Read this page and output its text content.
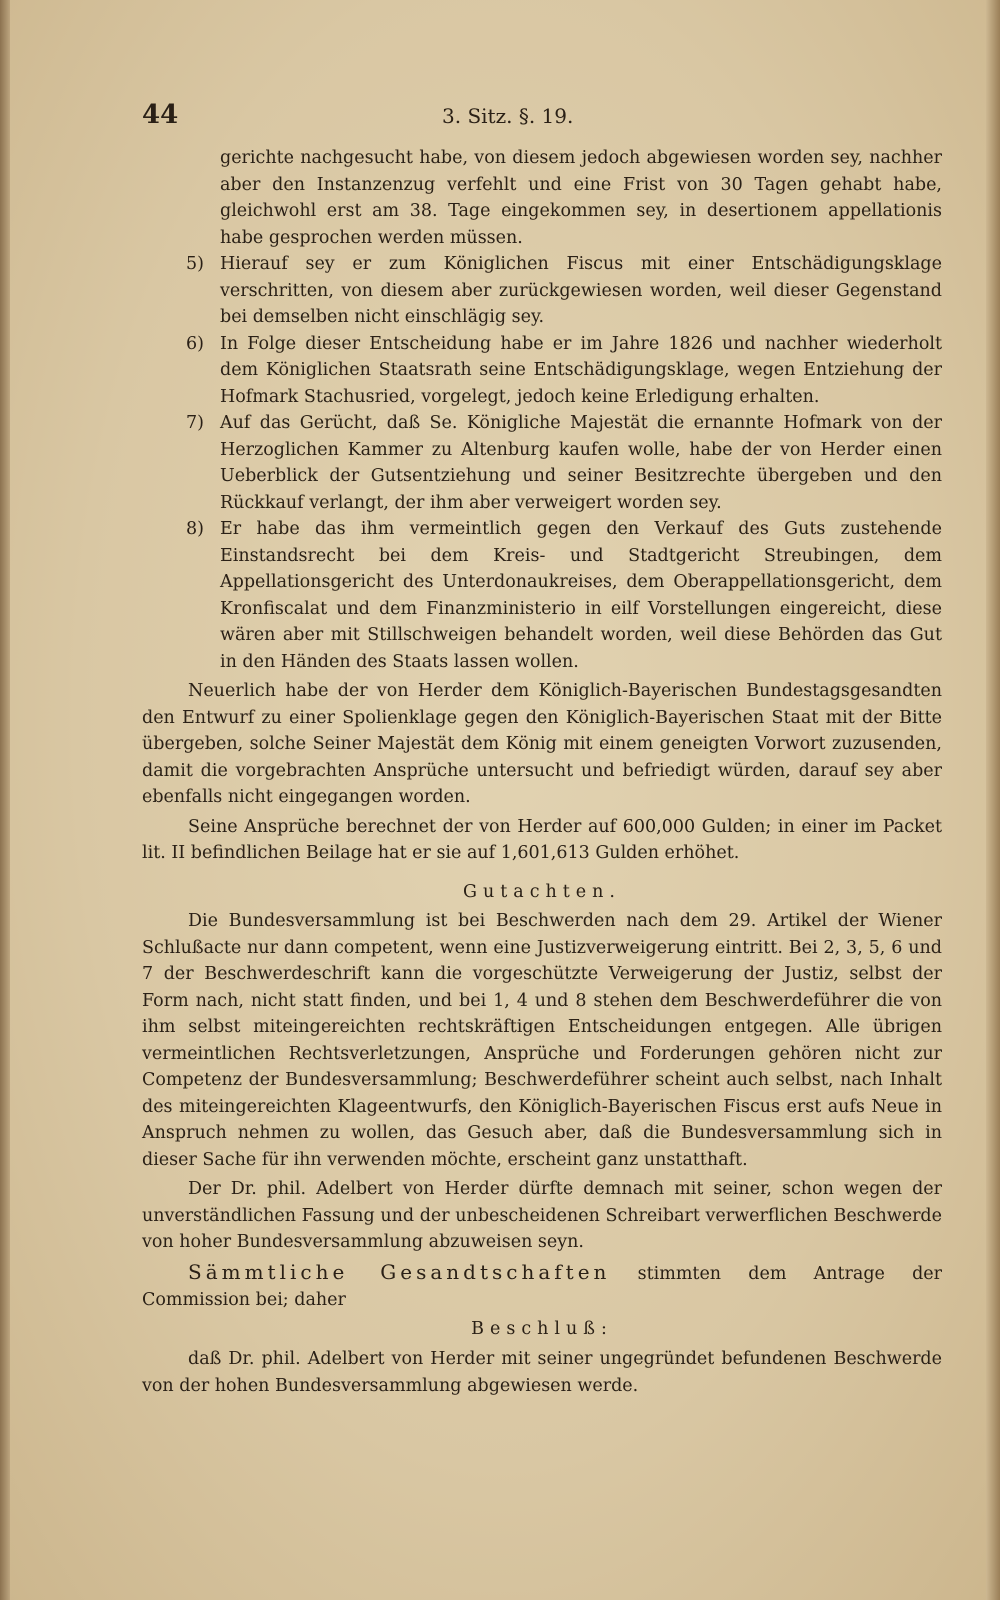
44	3. Sitz. §. 19.

gerichte nachgesucht habe, von diesem jedoch abgewiesen worden sey, nachher aber den Instanzenzug verfehlt und eine Frist von 30 Tagen gehabt habe, gleichwohl erst am 38. Tage eingekommen sey, in desertionem appellationis habe gesprochen werden müssen.

5) Hierauf sey er zum Königlichen Fiscus mit einer Entschädigungsklage verschritten, von diesem aber zurückgewiesen worden, weil dieser Gegenstand bei demselben nicht einschlägig sey.

6) In Folge dieser Entscheidung habe er im Jahre 1826 und nachher wiederholt dem Königlichen Staatsrath seine Entschädigungsklage, wegen Entziehung der Hofmark Stachusried, vorgelegt, jedoch keine Erledigung erhalten.

7) Auf das Gerücht, daß Se. Königliche Majestät die ernannte Hofmark von der Herzoglichen Kammer zu Altenburg kaufen wolle, habe der von Herder einen Ueberblick der Gutsentziehung und seiner Besitzrechte übergeben und den Rückkauf verlangt, der ihm aber verweigert worden sey.

8) Er habe das ihm vermeintlich gegen den Verkauf des Guts zustehende Einstandsrecht bei dem Kreis- und Stadtgericht Streubingen, dem Appellationsgericht des Unterdonaukreises, dem Oberappellationsgericht, dem Kronfiscalat und dem Finanzministerio in eilf Vorstellungen eingereicht, diese wären aber mit Stillschweigen behandelt worden, weil diese Behörden das Gut in den Händen des Staats lassen wollen.

Neuerlich habe der von Herder dem Königlich-Bayerischen Bundestagsgesandten den Entwurf zu einer Spolienklage gegen den Königlich-Bayerischen Staat mit der Bitte übergeben, solche Seiner Majestät dem König mit einem geneigten Vorwort zuzusenden, damit die vorgebrachten Ansprüche untersucht und befriedigt würden, darauf sey aber ebenfalls nicht eingegangen worden.

Seine Ansprüche berechnet der von Herder auf 600,000 Gulden; in einer im Packet lit. II befindlichen Beilage hat er sie auf 1,601,613 Gulden erhöhet.

Gutachten.

Die Bundesversammlung ist bei Beschwerden nach dem 29. Artikel der Wiener Schlußacte nur dann competent, wenn eine Justizverweigerung eintritt. Bei 2, 3, 5, 6 und 7 der Beschwerdeschrift kann die vorgeschützte Verweigerung der Justiz, selbst der Form nach, nicht statt finden, und bei 1, 4 und 8 stehen dem Beschwerdeführer die von ihm selbst miteingereichten rechtskräftigen Entscheidungen entgegen. Alle übrigen vermeintlichen Rechtsverletzungen, Ansprüche und Forderungen gehören nicht zur Competenz der Bundesversammlung; Beschwerdeführer scheint auch selbst, nach Inhalt des miteingereichten Klageentwurfs, den Königlich-Bayerischen Fiscus erst aufs Neue in Anspruch nehmen zu wollen, das Gesuch aber, daß die Bundesversammlung sich in dieser Sache für ihn verwenden möchte, erscheint ganz unstatthaft.

Der Dr. phil. Adelbert von Herder dürfte demnach mit seiner, schon wegen der unverständlichen Fassung und der unbescheidenen Schreibart verwerflichen Beschwerde von hoher Bundesversammlung abzuweisen seyn.

Sämmtliche Gesandtschaften stimmten dem Antrage der Commission bei; daher

Beschluß:

daß Dr. phil. Adelbert von Herder mit seiner ungegründet befundenen Beschwerde von der hohen Bundesversammlung abgewiesen werde.
